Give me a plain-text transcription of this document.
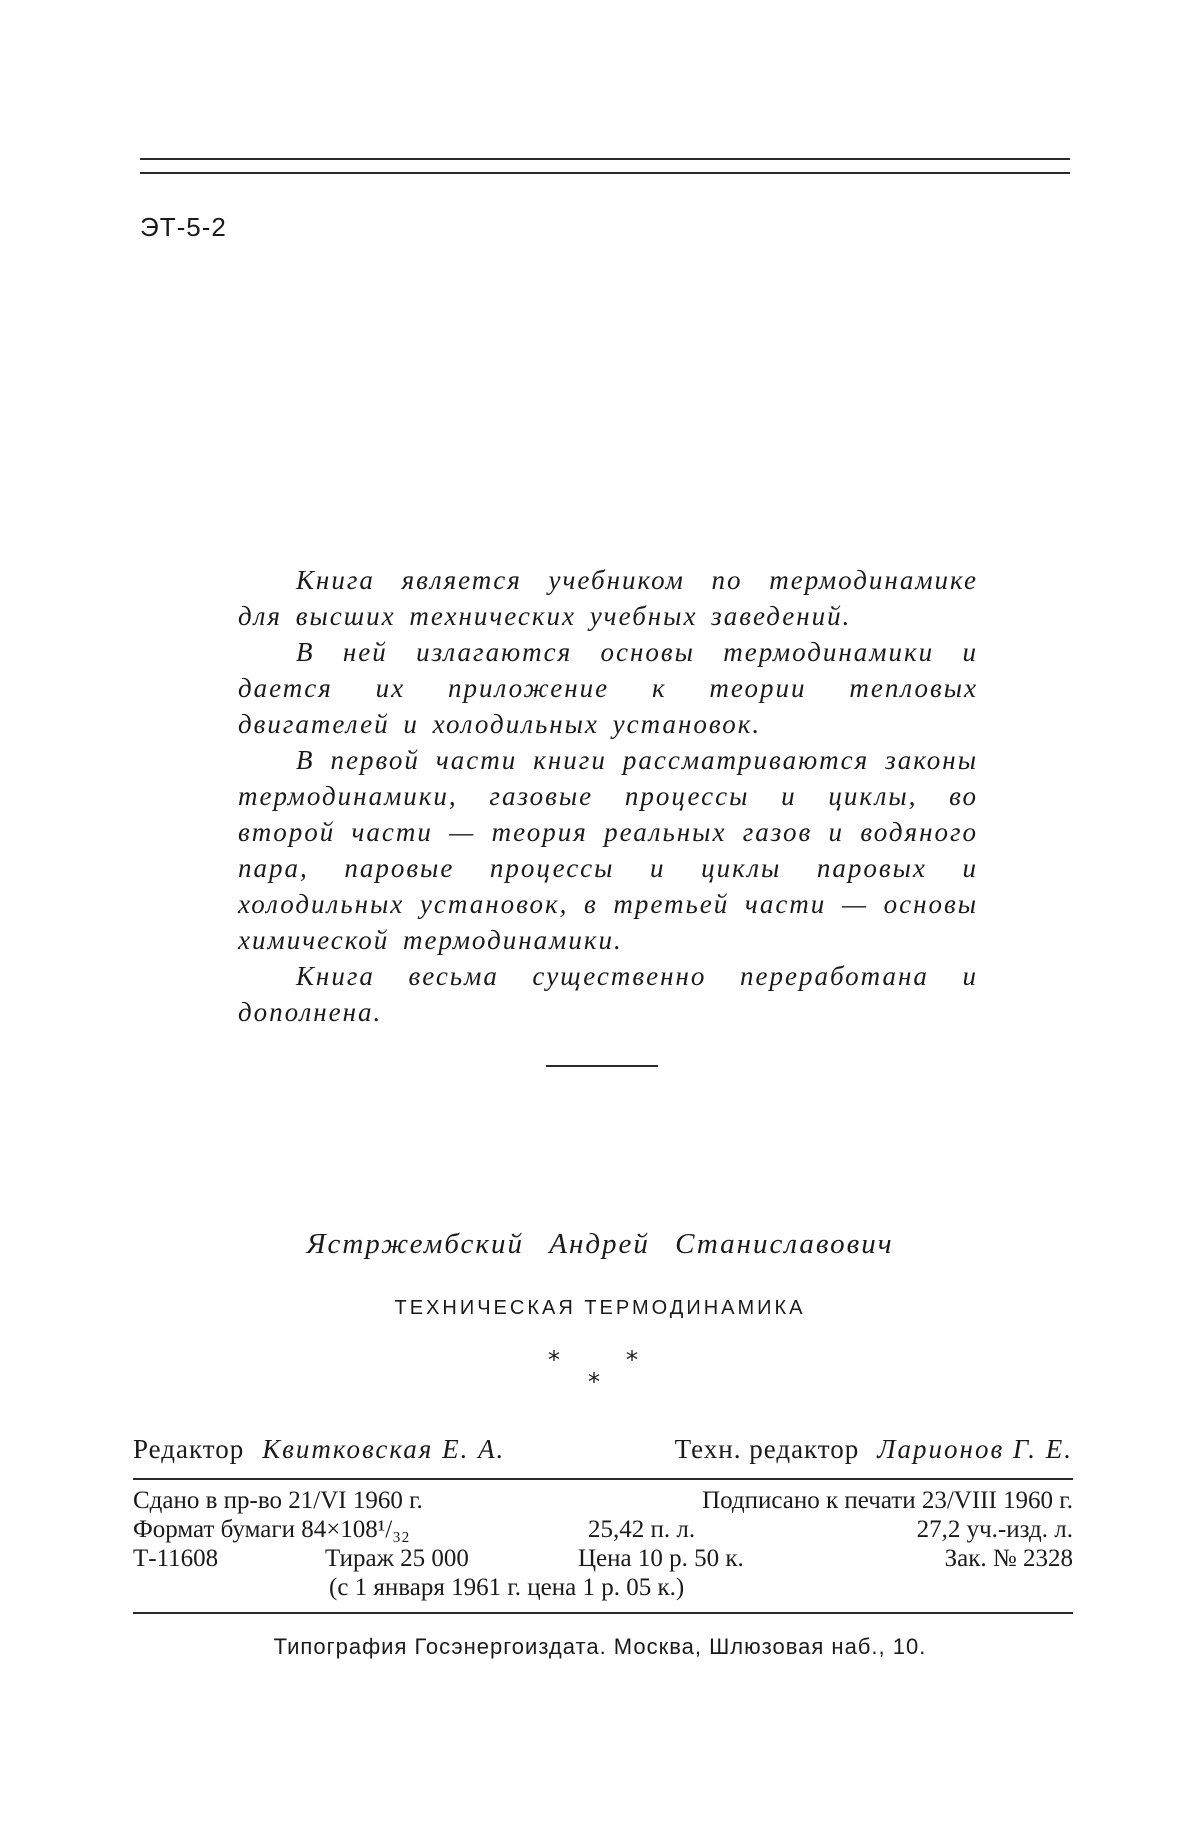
ЭТ-5-2

Книга является учебником по термодинамике для высших технических учебных заведений.

В ней излагаются основы термодинамики и дается их приложение к теории тепловых двигателей и холодильных установок.

В первой части книги рассматриваются законы термодинамики, газовые процессы и циклы, во второй части — теория реальных газов и водяного пара, паровые процессы и циклы паровых и холодильных установок, в третьей части — основы химической термодинамики.

Книга весьма существенно переработана и дополнена.

Ястржембский Андрей Станиславович
ТЕХНИЧЕСКАЯ ТЕРМОДИНАМИКА
*	*
*
Редактор Квитковская Е. А.	Техн. редактор Ларионов Г. Е.
Сдано в пр-во 21/VI 1960 г.	Подписано к печати 23/VIII 1960 г.
Формат бумаги 84×108¹/₃₂	25,42 п. л.	27,2 уч.-изд. л.
Т-11608	Тираж 25 000	Цена 10 р. 50 к.	Зак. № 2328
(с 1 января 1961 г. цена 1 р. 05 к.)
Типография Госэнергоиздата. Москва, Шлюзовая наб., 10.
